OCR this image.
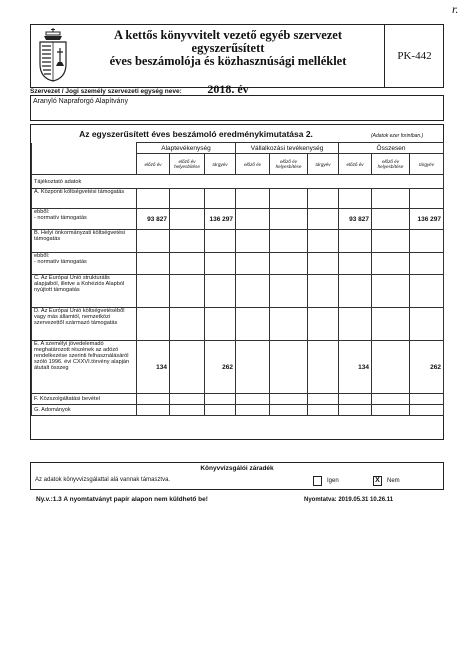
r.
A kettős könyvvitelt vezető egyéb szervezet egyszerűsített
éves beszámolója és közhasznúsági melléklet
2018. év
PK-442
Szervezet / Jogi személy szervezeti egység neve:
Aranyló Napraforgó Alapítvány
Az egyszerűsített éves beszámoló eredménykimutatása 2.	(Adatok ezer forintban.)
	Alaptevékenység			Vállalkozási tevékenység			Összesen		
	előző év	előző év helyesbítése	tárgyév	előző év	előző év helyesbítése	tárgyév	előző év	előző év helyesbítése	tárgyév
Tájékoztató adatok									
A. Központi költségvetési támogatás									
ebből:
- normatív támogatás	93 827		136 297				93 827		136 297
B. Helyi önkormányzati költségvetési támogatás									
ebből:
- normatív támogatás									
C. Az Európai Unió strukturális alapjaiból, illetve a Kohéziós Alapból nyújtott támogatás									
D. Az Európai Unió költségvetéséből vagy más államtól, nemzetközi szervezettől származó támogatás									
E. A személyi jövedelemadó meghatározott részének az adózó rendelkezése szerinti felhasználásáról szóló 1996. évi CXXVI.törvény alapján átutalt összeg	134		262				134		262
F. Közszolgáltatási bevétel									
G. Adományok									
Könyvvizsgálói záradék
Az adatok könyvvizsgálattal alá vannak támasztva.	Igen	X	Nem
Ny.v.:1.3 A nyomtatványt papír alapon nem küldhető be!	Nyomtatva: 2019.05.31 10.26.11
